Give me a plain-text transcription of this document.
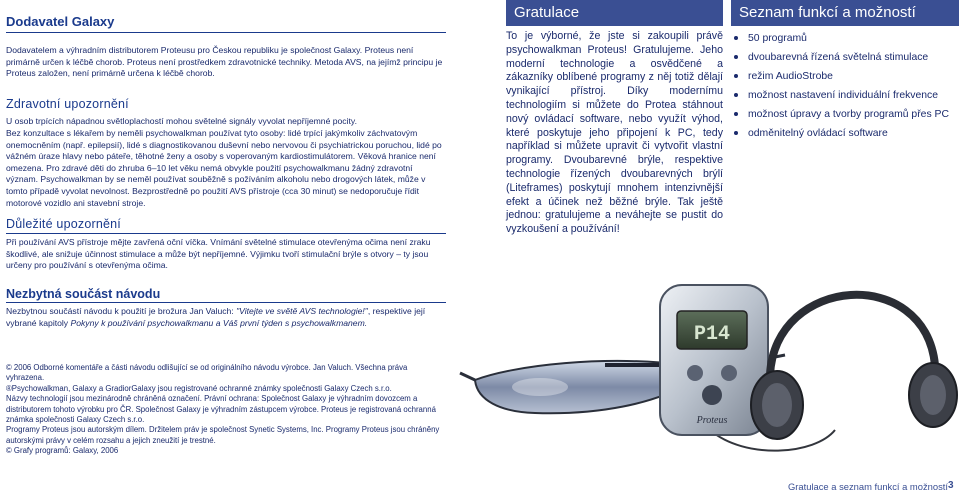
Dodavatel Galaxy

Dodavatelem a výhradním distributorem Proteusu pro Českou republiku je společnost Galaxy. Proteus není primárně určen k léčbě chorob. Proteus není prostředkem zdravotnické techniky. Metoda AVS, na jejímž principu je Proteus založen, není primárně určena k léčbě chorob.

Zdravotní upozornění

U osob trpících nápadnou světloplachostí mohou světelné signály vyvolat nepříjemné pocity.

Bez konzultace s lékařem by neměli psychowalkman používat tyto osoby: lidé trpící jakýmkoliv záchvatovým onemocněním (např. epilepsií), lidé s diagnostikovanou duševní nebo nervovou či psychiatrickou poruchou, lidé po vážném úraze hlavy nebo páteře, těhotné ženy a osoby s voperovaným kardiostimulátorem. Věková hranice není omezena. Pro zdravé děti do zhruba 6–10 let věku nemá obvykle použití psychowalkmanu žádný zdravotní význam. Psychowalkman by se neměl používat souběžně s požíváním alkoholu nebo drogových látek, může v tomto případě vyvolat nevolnost. Bezprostředně po použití AVS přístroje (cca 30 minut) se nedoporučuje řídit motorové vozidlo ani stavební stroje.

Důležité upozornění

Při používání AVS přístroje mějte zavřená oční víčka. Vnímání světelné stimulace otevřenýma očima není zraku škodlivé, ale snižuje účinnost stimulace a může být nepříjemné. Výjimku tvoří stimulační brýle s otvory – ty jsou určeny pro používání s otevřenýma očima.

Nezbytná součást návodu

Nezbytnou součástí návodu k použití je brožura Jan Valuch: "Vitejte ve světě AVS technologie!", respektive její vybrané kapitoly Pokyny k používání psychowalkmanu a Váš první týden s psychowalkmanem.

© 2006 Odborné komentáře a části návodu odlišující se od originálního návodu výrobce. Jan Valuch. Všechna práva vyhrazena.
®Psychowalkman, Galaxy a GradiorGalaxy jsou registrované ochranné známky společnosti Galaxy Czech s.r.o.
Názvy technologií jsou mezinárodně chráněná označení. Právní ochrana: Společnost Galaxy je výhradním dovozcem a distributorem tohoto výrobku pro ČR. Společnost Galaxy je výhradním zástupcem výrobce. Proteus je registrovaná ochranná známka společnosti Galaxy Czech s.r.o.
Programy Proteus jsou autorským dílem. Držitelem práv je společnost Synetic Systems, Inc. Programy Proteus jsou chráněny autorskými právy v celém rozsahu a jejich zneužití je trestné.
© Grafy programů: Galaxy, 2006
Gratulace

To je výborné, že jste si zakoupili právě psychowalkman Proteus! Gratulujeme. Jeho moderní technologie a osvědčené a zákazníky oblíbené programy z něj totiž dělají vynikající přístroj. Díky modernímu technologiím si můžete do Protea stáhnout nový ovládací software, nebo využít výhod, které poskytuje jeho připojení k PC, tedy například si můžete upravit či vytvořit vlastní programy. Dvoubarevné brýle, respektive technologie řízených dvoubarevných brýlí (Liteframes) poskytují mnohem intenzivnější efekt a účinek než běžné brýle. Tak ještě jednou: gratulujeme a neváhejte se pustit do vyzkoušení a používání!

Seznam funkcí a možností
50 programů
dvoubarevná řízená světelná stimulace
režim AudioStrobe
možnost nastavení individuální frekvence
možnost úpravy a tvorby programů přes PC
odměnitelný ovládací software
P14
Proteus
Gratulace a seznam funkcí a možností 3
